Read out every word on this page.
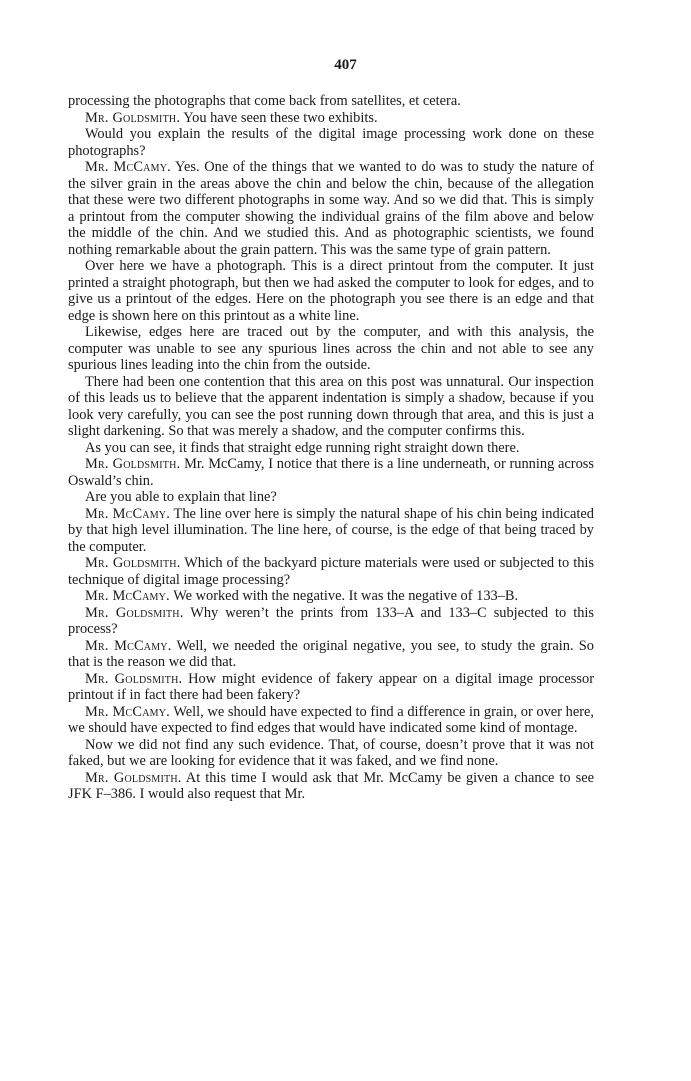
407

processing the photographs that come back from satellites, et cetera.

Mr. Goldsmith. You have seen these two exhibits.

Would you explain the results of the digital image processing work done on these photographs?

Mr. McCamy. Yes. One of the things that we wanted to do was to study the nature of the silver grain in the areas above the chin and below the chin, because of the allegation that these were two different photographs in some way. And so we did that. This is simply a printout from the computer showing the individual grains of the film above and below the middle of the chin. And we studied this. And as photographic scientists, we found nothing remarkable about the grain pattern. This was the same type of grain pattern.

Over here we have a photograph. This is a direct printout from the computer. It just printed a straight photograph, but then we had asked the computer to look for edges, and to give us a printout of the edges. Here on the photograph you see there is an edge and that edge is shown here on this printout as a white line.

Likewise, edges here are traced out by the computer, and with this analysis, the computer was unable to see any spurious lines across the chin and not able to see any spurious lines leading into the chin from the outside.

There had been one contention that this area on this post was unnatural. Our inspection of this leads us to believe that the apparent indentation is simply a shadow, because if you look very carefully, you can see the post running down through that area, and this is just a slight darkening. So that was merely a shadow, and the computer confirms this.

As you can see, it finds that straight edge running right straight down there.

Mr. Goldsmith. Mr. McCamy, I notice that there is a line underneath, or running across Oswald’s chin.

Are you able to explain that line?

Mr. McCamy. The line over here is simply the natural shape of his chin being indicated by that high level illumination. The line here, of course, is the edge of that being traced by the computer.

Mr. Goldsmith. Which of the backyard picture materials were used or subjected to this technique of digital image processing?

Mr. McCamy. We worked with the negative. It was the negative of 133–B.

Mr. Goldsmith. Why weren’t the prints from 133–A and 133–C subjected to this process?

Mr. McCamy. Well, we needed the original negative, you see, to study the grain. So that is the reason we did that.

Mr. Goldsmith. How might evidence of fakery appear on a digital image processor printout if in fact there had been fakery?

Mr. McCamy. Well, we should have expected to find a difference in grain, or over here, we should have expected to find edges that would have indicated some kind of montage.

Now we did not find any such evidence. That, of course, doesn’t prove that it was not faked, but we are looking for evidence that it was faked, and we find none.

Mr. Goldsmith. At this time I would ask that Mr. McCamy be given a chance to see JFK F–386. I would also request that Mr.
